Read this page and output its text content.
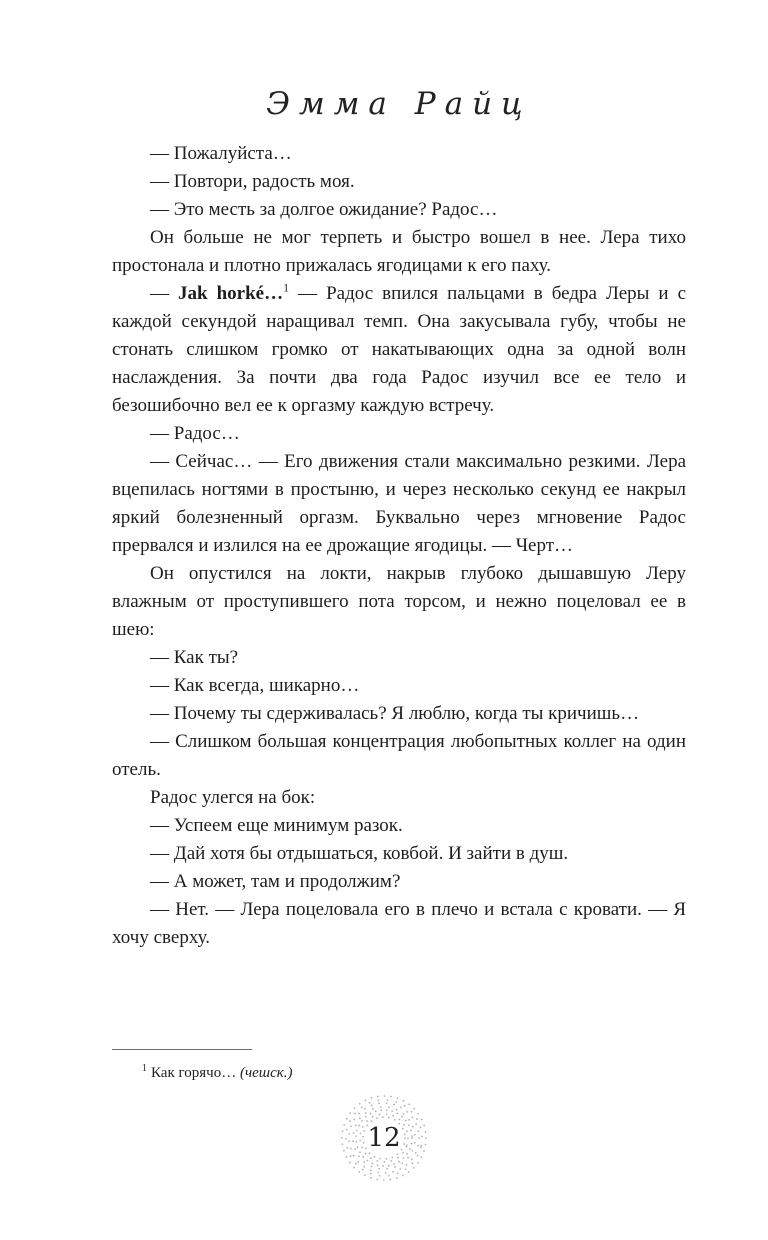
Эмма Райц

— Пожалуйста…

— Повтори, радость моя.

— Это месть за долгое ожидание? Радос…

Он больше не мог терпеть и быстро вошел в нее. Лера тихо простонала и плотно прижалась ягодицами к его паху.

— Jak horké…$^1$ — Радос впился пальцами в бедра Леры и с каждой секундой наращивал темп. Она закусывала губу, чтобы не стонать слишком громко от накатывающих одна за одной волн наслаждения. За почти два года Радос изучил все ее тело и безошибочно вел ее к оргазму каждую встречу.

— Радос…

— Сейчас… — Его движения стали максимально резкими. Лера вцепилась ногтями в простыню, и через несколько секунд ее накрыл яркий болезненный оргазм. Буквально через мгновение Радос прервался и излился на ее дрожащие ягодицы. — Черт…

Он опустился на локти, накрыв глубоко дышавшую Леру влажным от проступившего пота торсом, и нежно поцеловал ее в шею:

— Как ты?

— Как всегда, шикарно…

— Почему ты сдерживалась? Я люблю, когда ты кричишь…

— Слишком большая концентрация любопытных коллег на один отель.

Радос улегся на бок:

— Успеем еще минимум разок.

— Дай хотя бы отдышаться, ковбой. И зайти в душ.

— А может, там и продолжим?

— Нет. — Лера поцеловала его в плечо и встала с кровати. — Я хочу сверху.

$^1$ Как горячо… (чешск.)
12
